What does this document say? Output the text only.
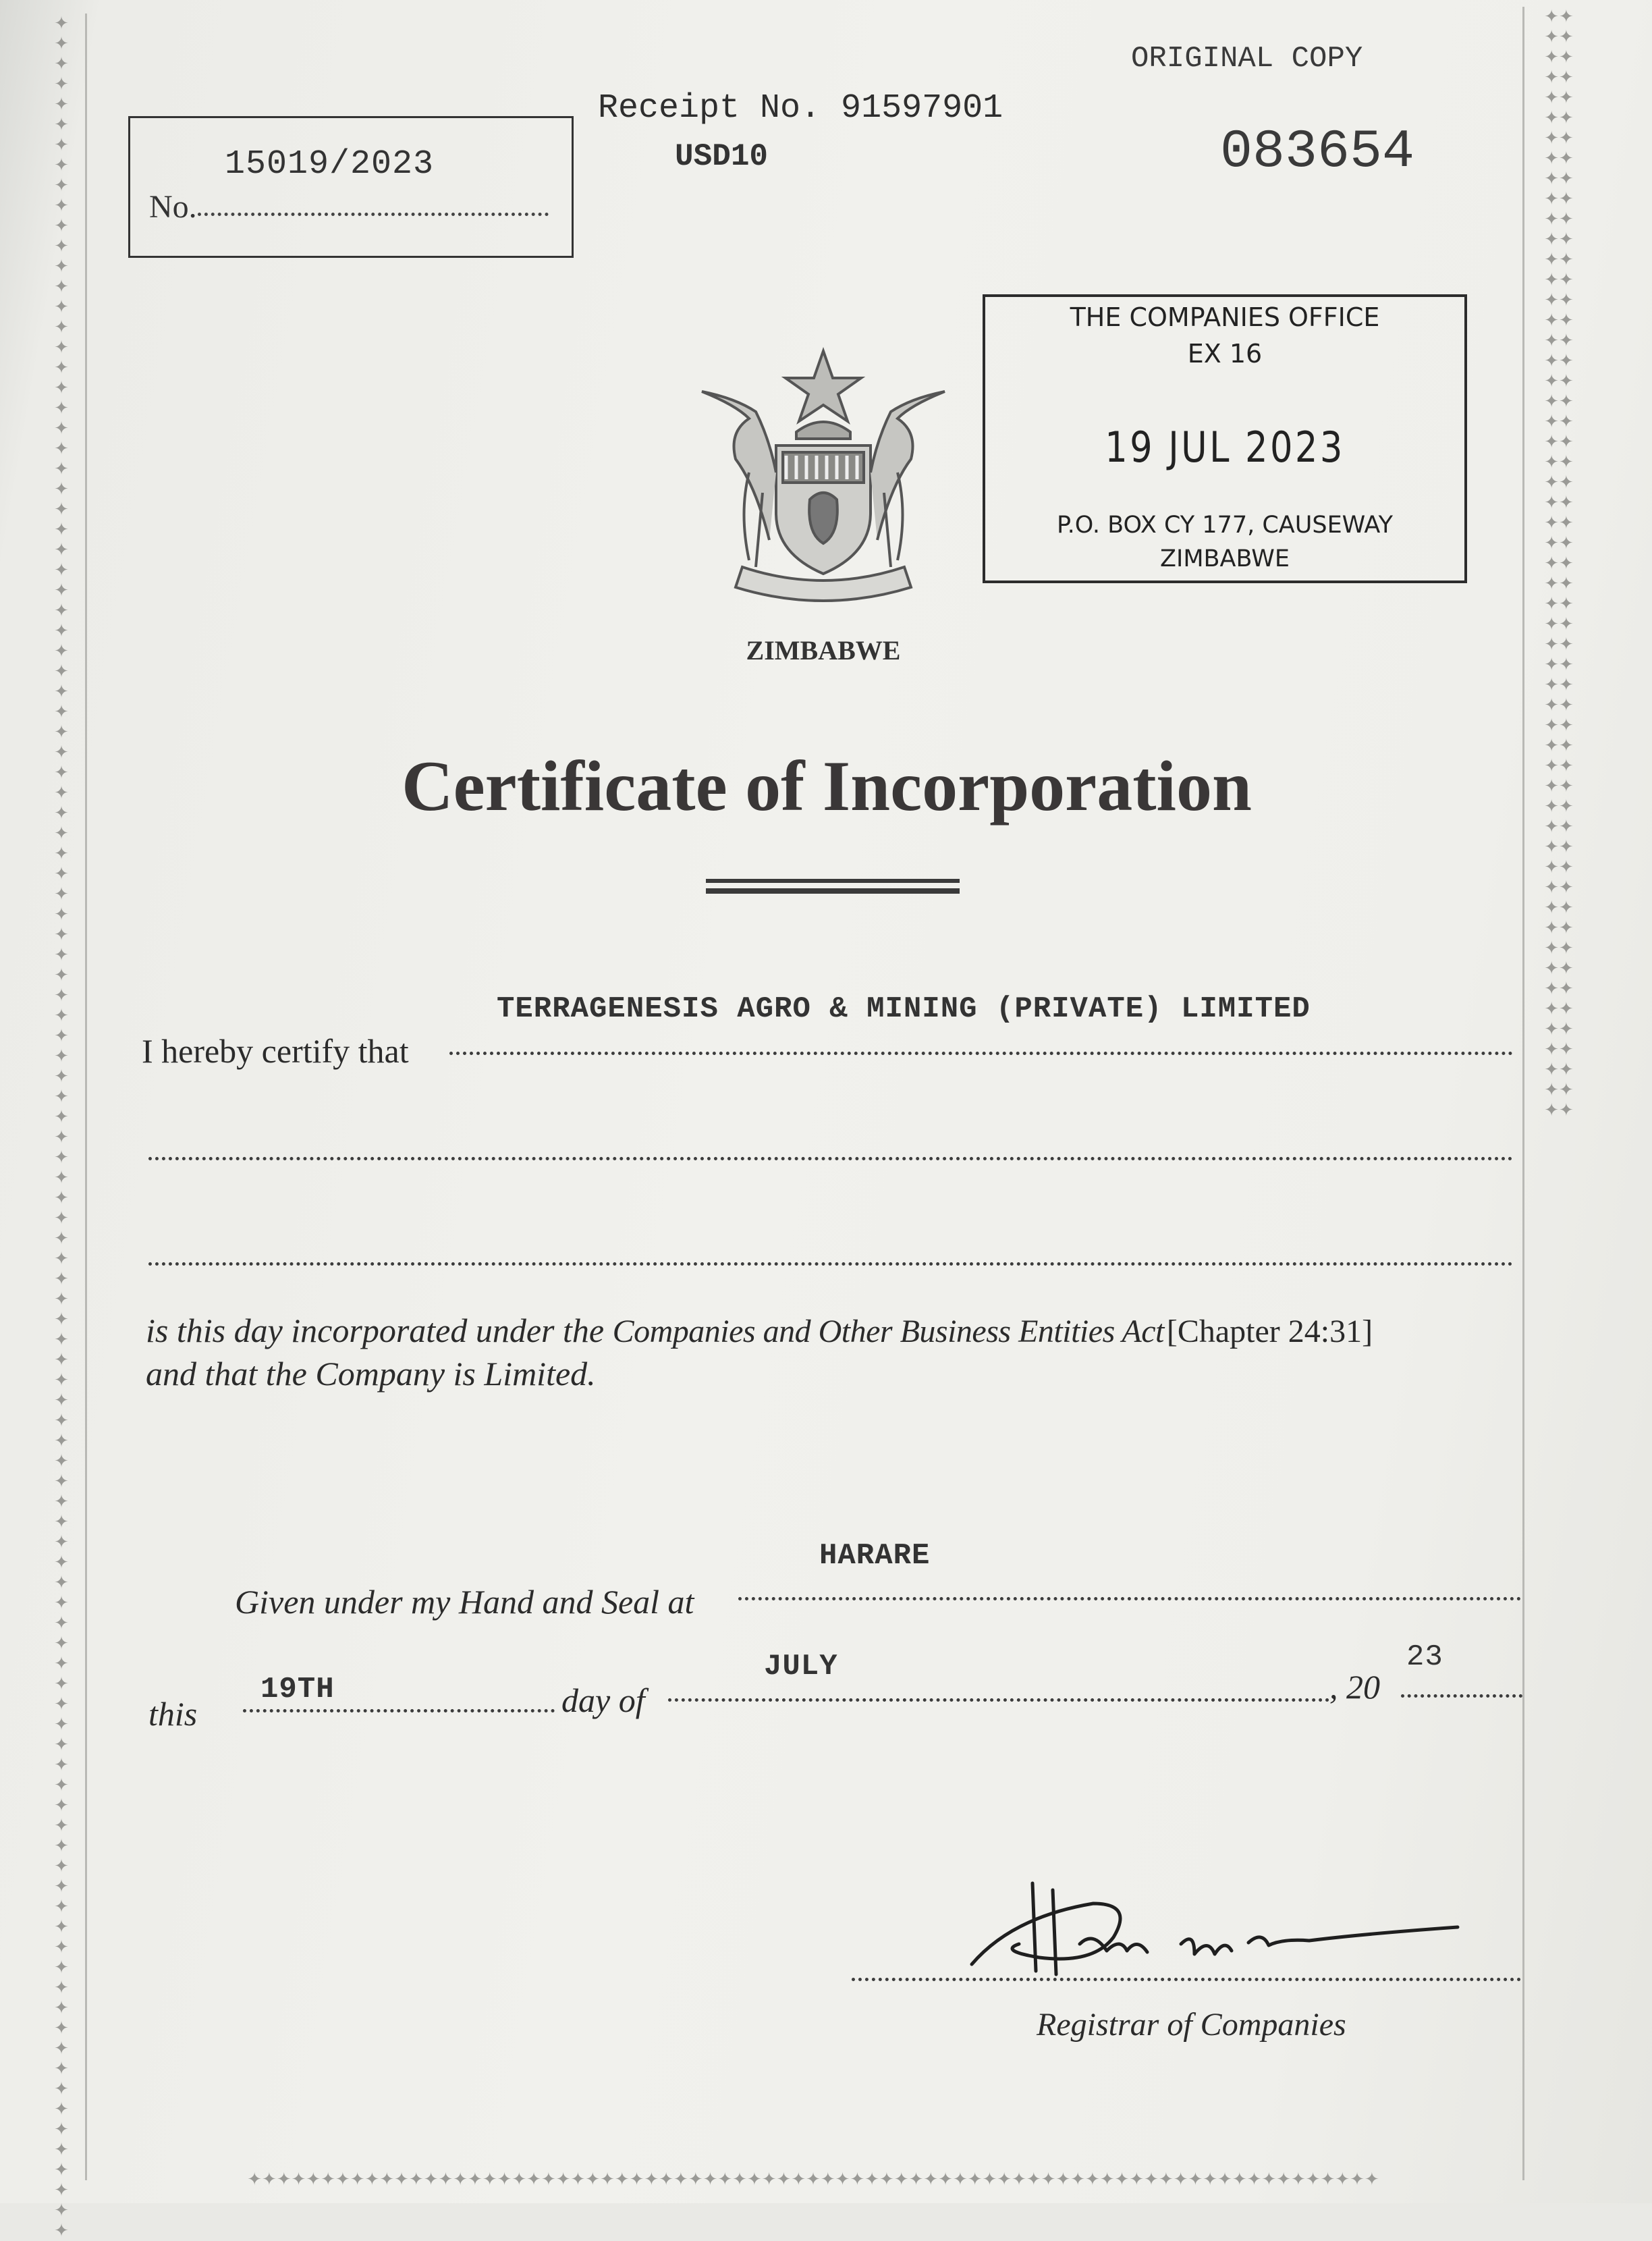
✦✦✦✦✦✦✦✦✦✦✦✦✦✦✦✦✦✦✦✦✦✦✦✦✦✦✦✦✦✦✦✦✦✦✦✦✦✦✦✦✦✦✦✦✦✦✦✦✦✦✦✦✦✦✦✦✦✦✦✦✦✦✦✦✦✦✦✦✦✦✦✦✦✦✦✦✦✦✦✦✦✦✦✦✦✦✦✦✦✦✦✦✦✦✦✦✦✦✦✦✦✦✦✦✦✦✦✦✦✦
✦✦✦✦✦✦✦✦✦✦✦✦✦✦✦✦✦✦✦✦✦✦✦✦✦✦✦✦✦✦✦✦✦✦✦✦✦✦✦✦✦✦✦✦✦✦✦✦✦✦✦✦✦✦✦✦✦✦✦✦✦✦✦✦✦✦✦✦✦✦✦✦✦✦✦✦✦✦✦✦✦✦✦✦✦✦✦✦✦✦✦✦✦✦✦✦✦✦✦✦✦✦✦✦✦✦✦✦✦✦
✦✦✦✦✦✦✦✦✦✦✦✦✦✦✦✦✦✦✦✦✦✦✦✦✦✦✦✦✦✦✦✦✦✦✦✦✦✦✦✦✦✦✦✦✦✦✦✦✦✦✦✦✦✦✦✦✦✦✦✦✦✦✦✦✦✦✦✦✦✦✦✦✦✦✦✦✦
ORIGINAL COPY
Receipt No. 91597901
USD10	083654
15019/2023
No.
THE COMPANIES OFFICE
EX 16
19 JUL 2023
P.O. BOX CY 177, CAUSEWAY
ZIMBABWE
ZIMBABWE
Certificate of Incorporation
I hereby certify that
TERRAGENESIS AGRO & MINING (PRIVATE) LIMITED
is this day incorporated under the Companies and Other Business Entities Act [Chapter 24:31]
and that the Company is Limited.
Given under my Hand and Seal at
HARARE
this
19TH	day of
JULY
, 20
23
Registrar of Companies
